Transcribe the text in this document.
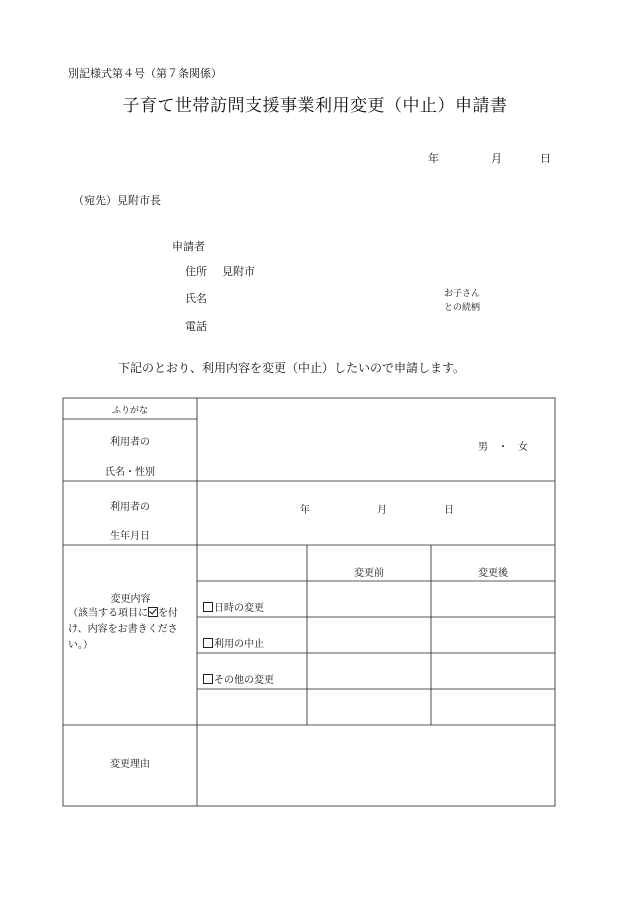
別記様式第４号（第７条関係）
子育て世帯訪問支援事業利用変更（中止）申請書
年	月	日
（宛先）見附市長
申請者
住所 見附市
氏名	お子さん
との続柄
電話
下記のとおり、利用内容を変更（中止）したいので申請します。
ふりがな
利用者の
氏名・性別
男　・　女
利用者の
生年月日
年	月	日
変更前	変更後
変更内容
（該当する項目に を付け、内容をお書きください。）
日時の変更
利用の中止
その他の変更
変更理由
